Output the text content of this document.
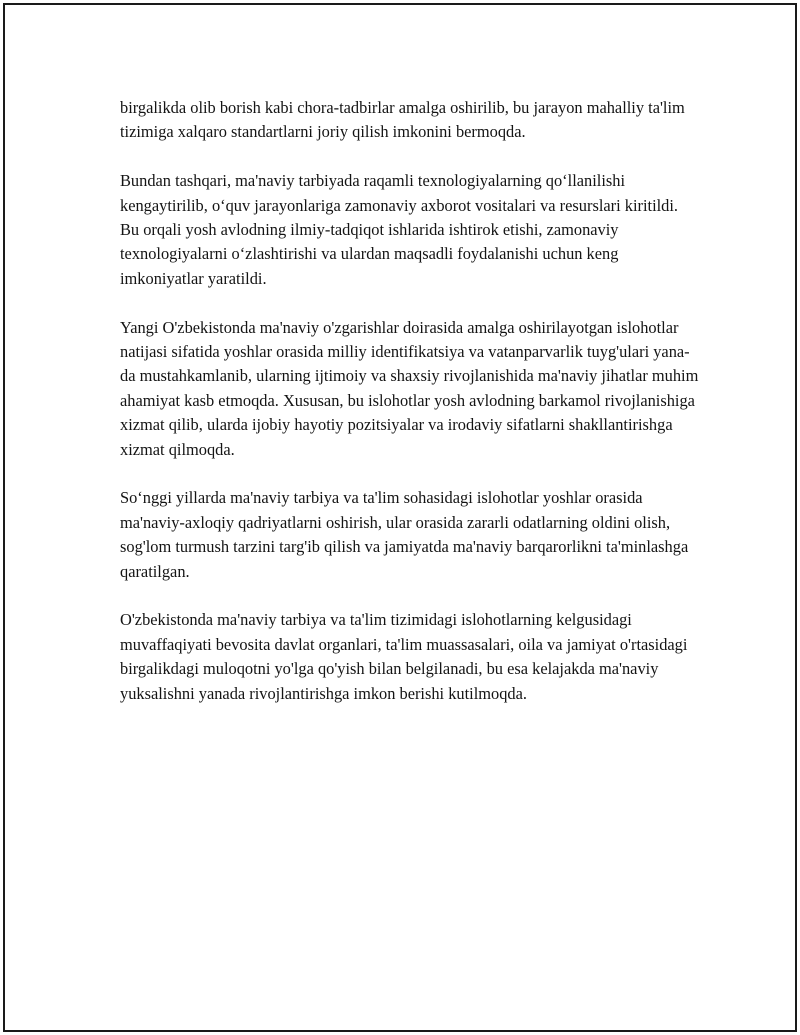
birgalikda olib borish kabi chora-tadbirlar amalga oshirilib, bu jarayon mahalliy ta'lim tizimiga xalqaro standartlarni joriy qilish imkonini bermoqda.

Bundan tashqari, ma'naviy tarbiyada raqamli texnologiyalarning qo‘llanilishi kengaytirilib, o‘quv jarayonlariga zamonaviy axborot vositalari va resurslari kiritildi. Bu orqali yosh avlodning ilmiy-tadqiqot ishlarida ishtirok etishi, zamonaviy texnologiyalarni o‘zlashtirishi va ulardan maqsadli foydalanishi uchun keng imkoniyatlar yaratildi.

Yangi O'zbekistonda ma'naviy o'zgarishlar doirasida amalga oshirilayotgan islohotlar natijasi sifatida yoshlar orasida milliy identifikatsiya va vatanparvarlik tuyg'ulari yana-da mustahkamlanib, ularning ijtimoiy va shaxsiy rivojlanishida ma'naviy jihatlar muhim ahamiyat kasb etmoqda. Xususan, bu islohotlar yosh avlodning barkamol rivojlanishiga xizmat qilib, ularda ijobiy hayotiy pozitsiyalar va irodaviy sifatlarni shakllantirishga xizmat qilmoqda.

So‘nggi yillarda ma'naviy tarbiya va ta'lim sohasidagi islohotlar yoshlar orasida ma'naviy-axloqiy qadriyatlarni oshirish, ular orasida zararli odatlarning oldini olish, sog'lom turmush tarzini targ'ib qilish va jamiyatda ma'naviy barqarorlikni ta'minlashga qaratilgan.

O'zbekistonda ma'naviy tarbiya va ta'lim tizimidagi islohotlarning kelgusidagi muvaffaqiyati bevosita davlat organlari, ta'lim muassasalari, oila va jamiyat o'rtasidagi birgalikdagi muloqotni yo'lga qo'yish bilan belgilanadi, bu esa kelajakda ma'naviy yuksalishni yanada rivojlantirishga imkon berishi kutilmoqda.
